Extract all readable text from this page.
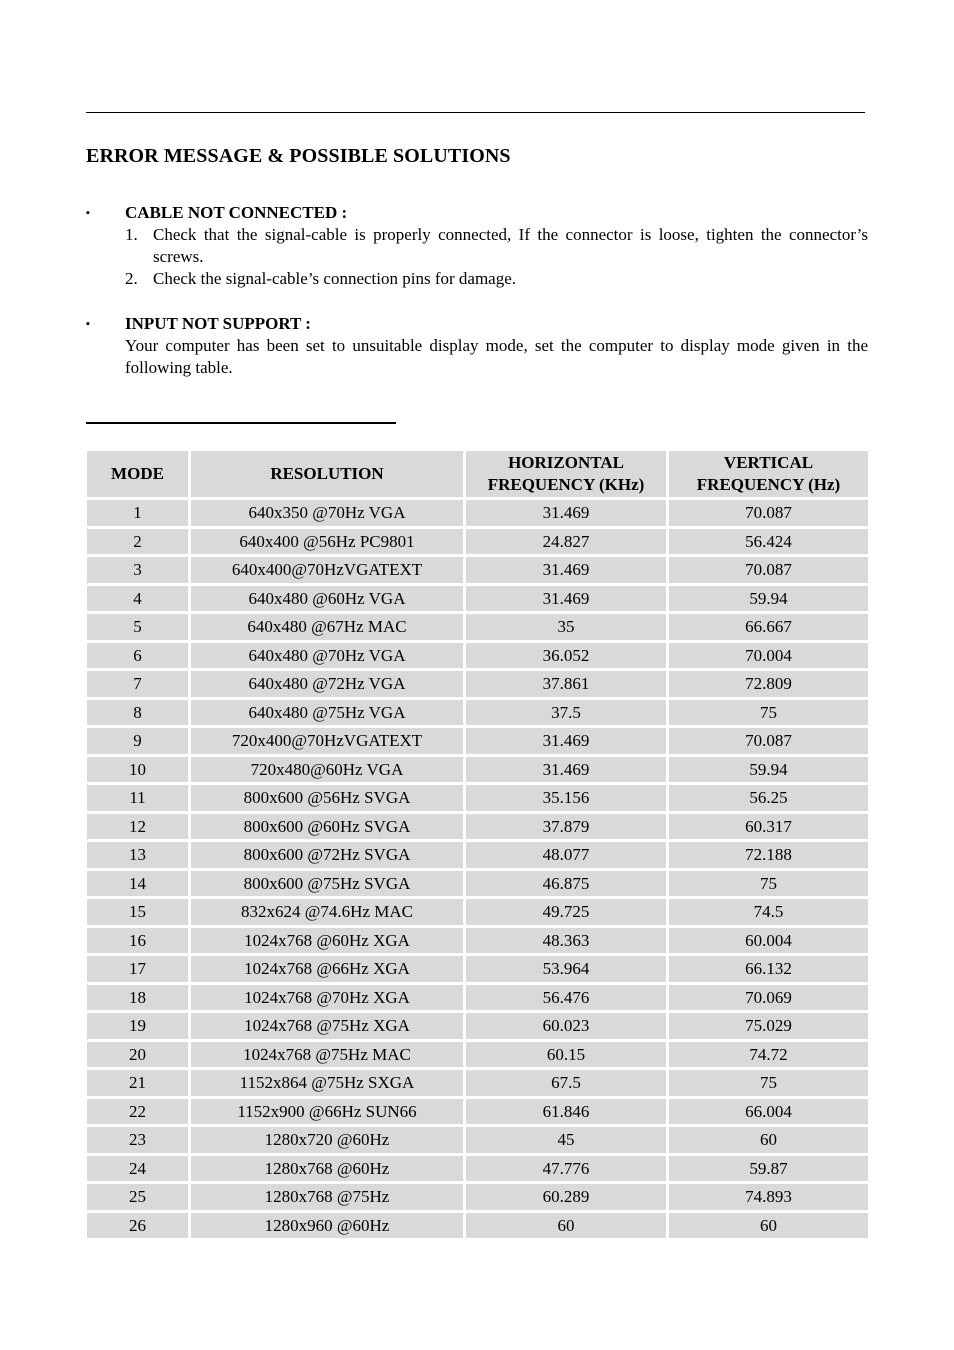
ERROR MESSAGE & POSSIBLE SOLUTIONS
▪ CABLE NOT CONNECTED :
1. Check that the signal-cable is properly connected, If the connector is loose, tighten the connector’s screws.
2. Check the signal-cable’s connection pins for damage.
▪ INPUT NOT SUPPORT :
Your computer has been set to unsuitable display mode, set the computer to display mode given in the following table.
MODE	RESOLUTION	HORIZONTAL FREQUENCY (KHz)	VERTICAL FREQUENCY (Hz)
1	640x350 @70Hz VGA	31.469	70.087
2	640x400 @56Hz PC9801	24.827	56.424
3	640x400@70HzVGATEXT	31.469	70.087
4	640x480 @60Hz VGA	31.469	59.94
5	640x480 @67Hz MAC	35	66.667
6	640x480 @70Hz VGA	36.052	70.004
7	640x480 @72Hz VGA	37.861	72.809
8	640x480 @75Hz VGA	37.5	75
9	720x400@70HzVGATEXT	31.469	70.087
10	720x480@60Hz VGA	31.469	59.94
11	800x600 @56Hz SVGA	35.156	56.25
12	800x600 @60Hz SVGA	37.879	60.317
13	800x600 @72Hz SVGA	48.077	72.188
14	800x600 @75Hz SVGA	46.875	75
15	832x624 @74.6Hz MAC	49.725	74.5
16	1024x768 @60Hz XGA	48.363	60.004
17	1024x768 @66Hz XGA	53.964	66.132
18	1024x768 @70Hz XGA	56.476	70.069
19	1024x768 @75Hz XGA	60.023	75.029
20	1024x768 @75Hz MAC	60.15	74.72
21	1152x864 @75Hz SXGA	67.5	75
22	1152x900 @66Hz SUN66	61.846	66.004
23	1280x720 @60Hz	45	60
24	1280x768 @60Hz	47.776	59.87
25	1280x768 @75Hz	60.289	74.893
26	1280x960 @60Hz	60	60
